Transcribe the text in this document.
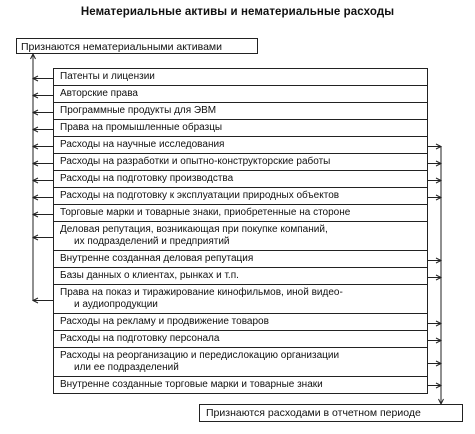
Нематериальные активы и нематериальные расходы
Признаются нематериальными активами
Патенты и лицензии
Авторские права
Программные продукты для ЭВМ
Права на промышленные образцы
Расходы на научные исследования
Расходы на разработки и опытно-конструкторские работы
Расходы на подготовку производства
Расходы на подготовку к эксплуатации природных объектов
Торговые марки и товарные знаки, приобретенные на стороне
Деловая репутация, возникающая при покупке компаний,
их подразделений и предприятий
Внутренне созданная деловая репутация
Базы данных о клиентах, рынках и т.п.
Права на показ и тиражирование кинофильмов, иной видео-
и аудиопродукции
Расходы на рекламу и продвижение товаров
Расходы на подготовку персонала
Расходы на реорганизацию и передислокацию организации
или ее подразделений
Внутренне созданные торговые марки и товарные знаки
Признаются расходами в отчетном периоде
